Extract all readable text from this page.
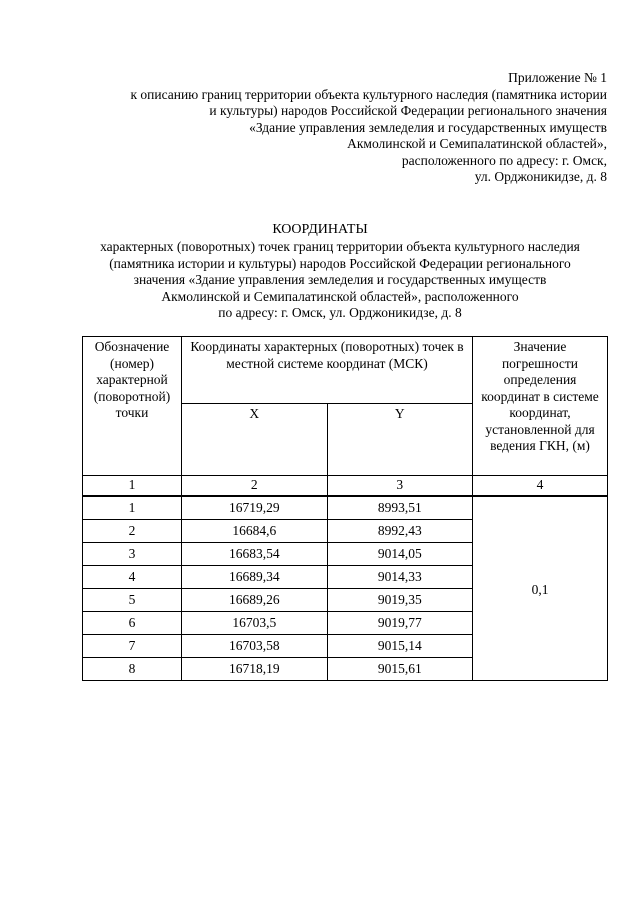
Приложение № 1
к описанию границ территории объекта культурного наследия (памятника истории
и культуры) народов Российской Федерации регионального значения
«Здание управления земледелия и государственных имуществ
Акмолинской и Семипалатинской областей»,
расположенного по адресу: г. Омск,
ул. Орджоникидзе, д. 8
КООРДИНАТЫ
характерных (поворотных) точек границ территории объекта культурного наследия
(памятника истории и культуры) народов Российской Федерации регионального
значения «Здание управления земледелия и государственных имуществ
Акмолинской и Семипалатинской областей», расположенного
по адресу: г. Омск, ул. Орджоникидзе, д. 8
Обозначение (номер) характерной (поворотной) точки	Координаты характерных (поворотных) точек в местной системе координат (МСК)		Значение погрешности определения координат в системе координат, установленной для ведения ГКН, (м)
	X	Y	
1	2	3	4
1	16719,29	8993,51	0,1
2	16684,6	8992,43	
3	16683,54	9014,05	
4	16689,34	9014,33	
5	16689,26	9019,35	
6	16703,5	9019,77	
7	16703,58	9015,14	
8	16718,19	9015,61	
